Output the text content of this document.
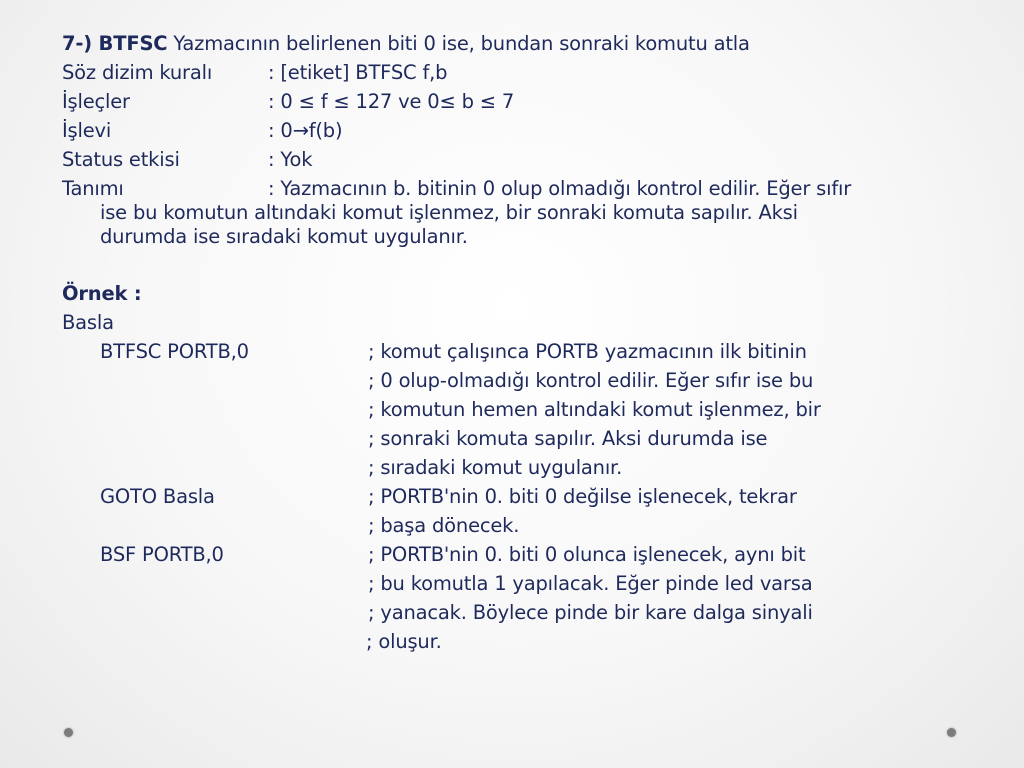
7-) BTFSC Yazmacının belirlenen biti 0 ise, bundan sonraki komutu atla
Söz dizim kuralı	: [etiket] BTFSC f,b
İşleçler	: 0 ≤ f ≤ 127 ve 0≤ b ≤ 7
İşlevi	: 0→f(b)
Status etkisi	: Yok
Tanımı	: Yazmacının b. bitinin 0 olup olmadığı kontrol edilir. Eğer sıfır
ise bu komutun altındaki komut işlenmez, bir sonraki komuta sapılır. Aksi
durumda ise sıradaki komut uygulanır.
Örnek :
Basla
BTFSC PORTB,0	; komut çalışınca PORTB yazmacının ilk bitinin
; 0 olup-olmadığı kontrol edilir. Eğer sıfır ise bu
; komutun hemen altındaki komut işlenmez, bir
; sonraki komuta sapılır. Aksi durumda ise
; sıradaki komut uygulanır.
GOTO Basla	; PORTB'nin 0. biti 0 değilse işlenecek, tekrar
; başa dönecek.
BSF PORTB,0	; PORTB'nin 0. biti 0 olunca işlenecek, aynı bit
; bu komutla 1 yapılacak. Eğer pinde led varsa
; yanacak. Böylece pinde bir kare dalga sinyali
; oluşur.
